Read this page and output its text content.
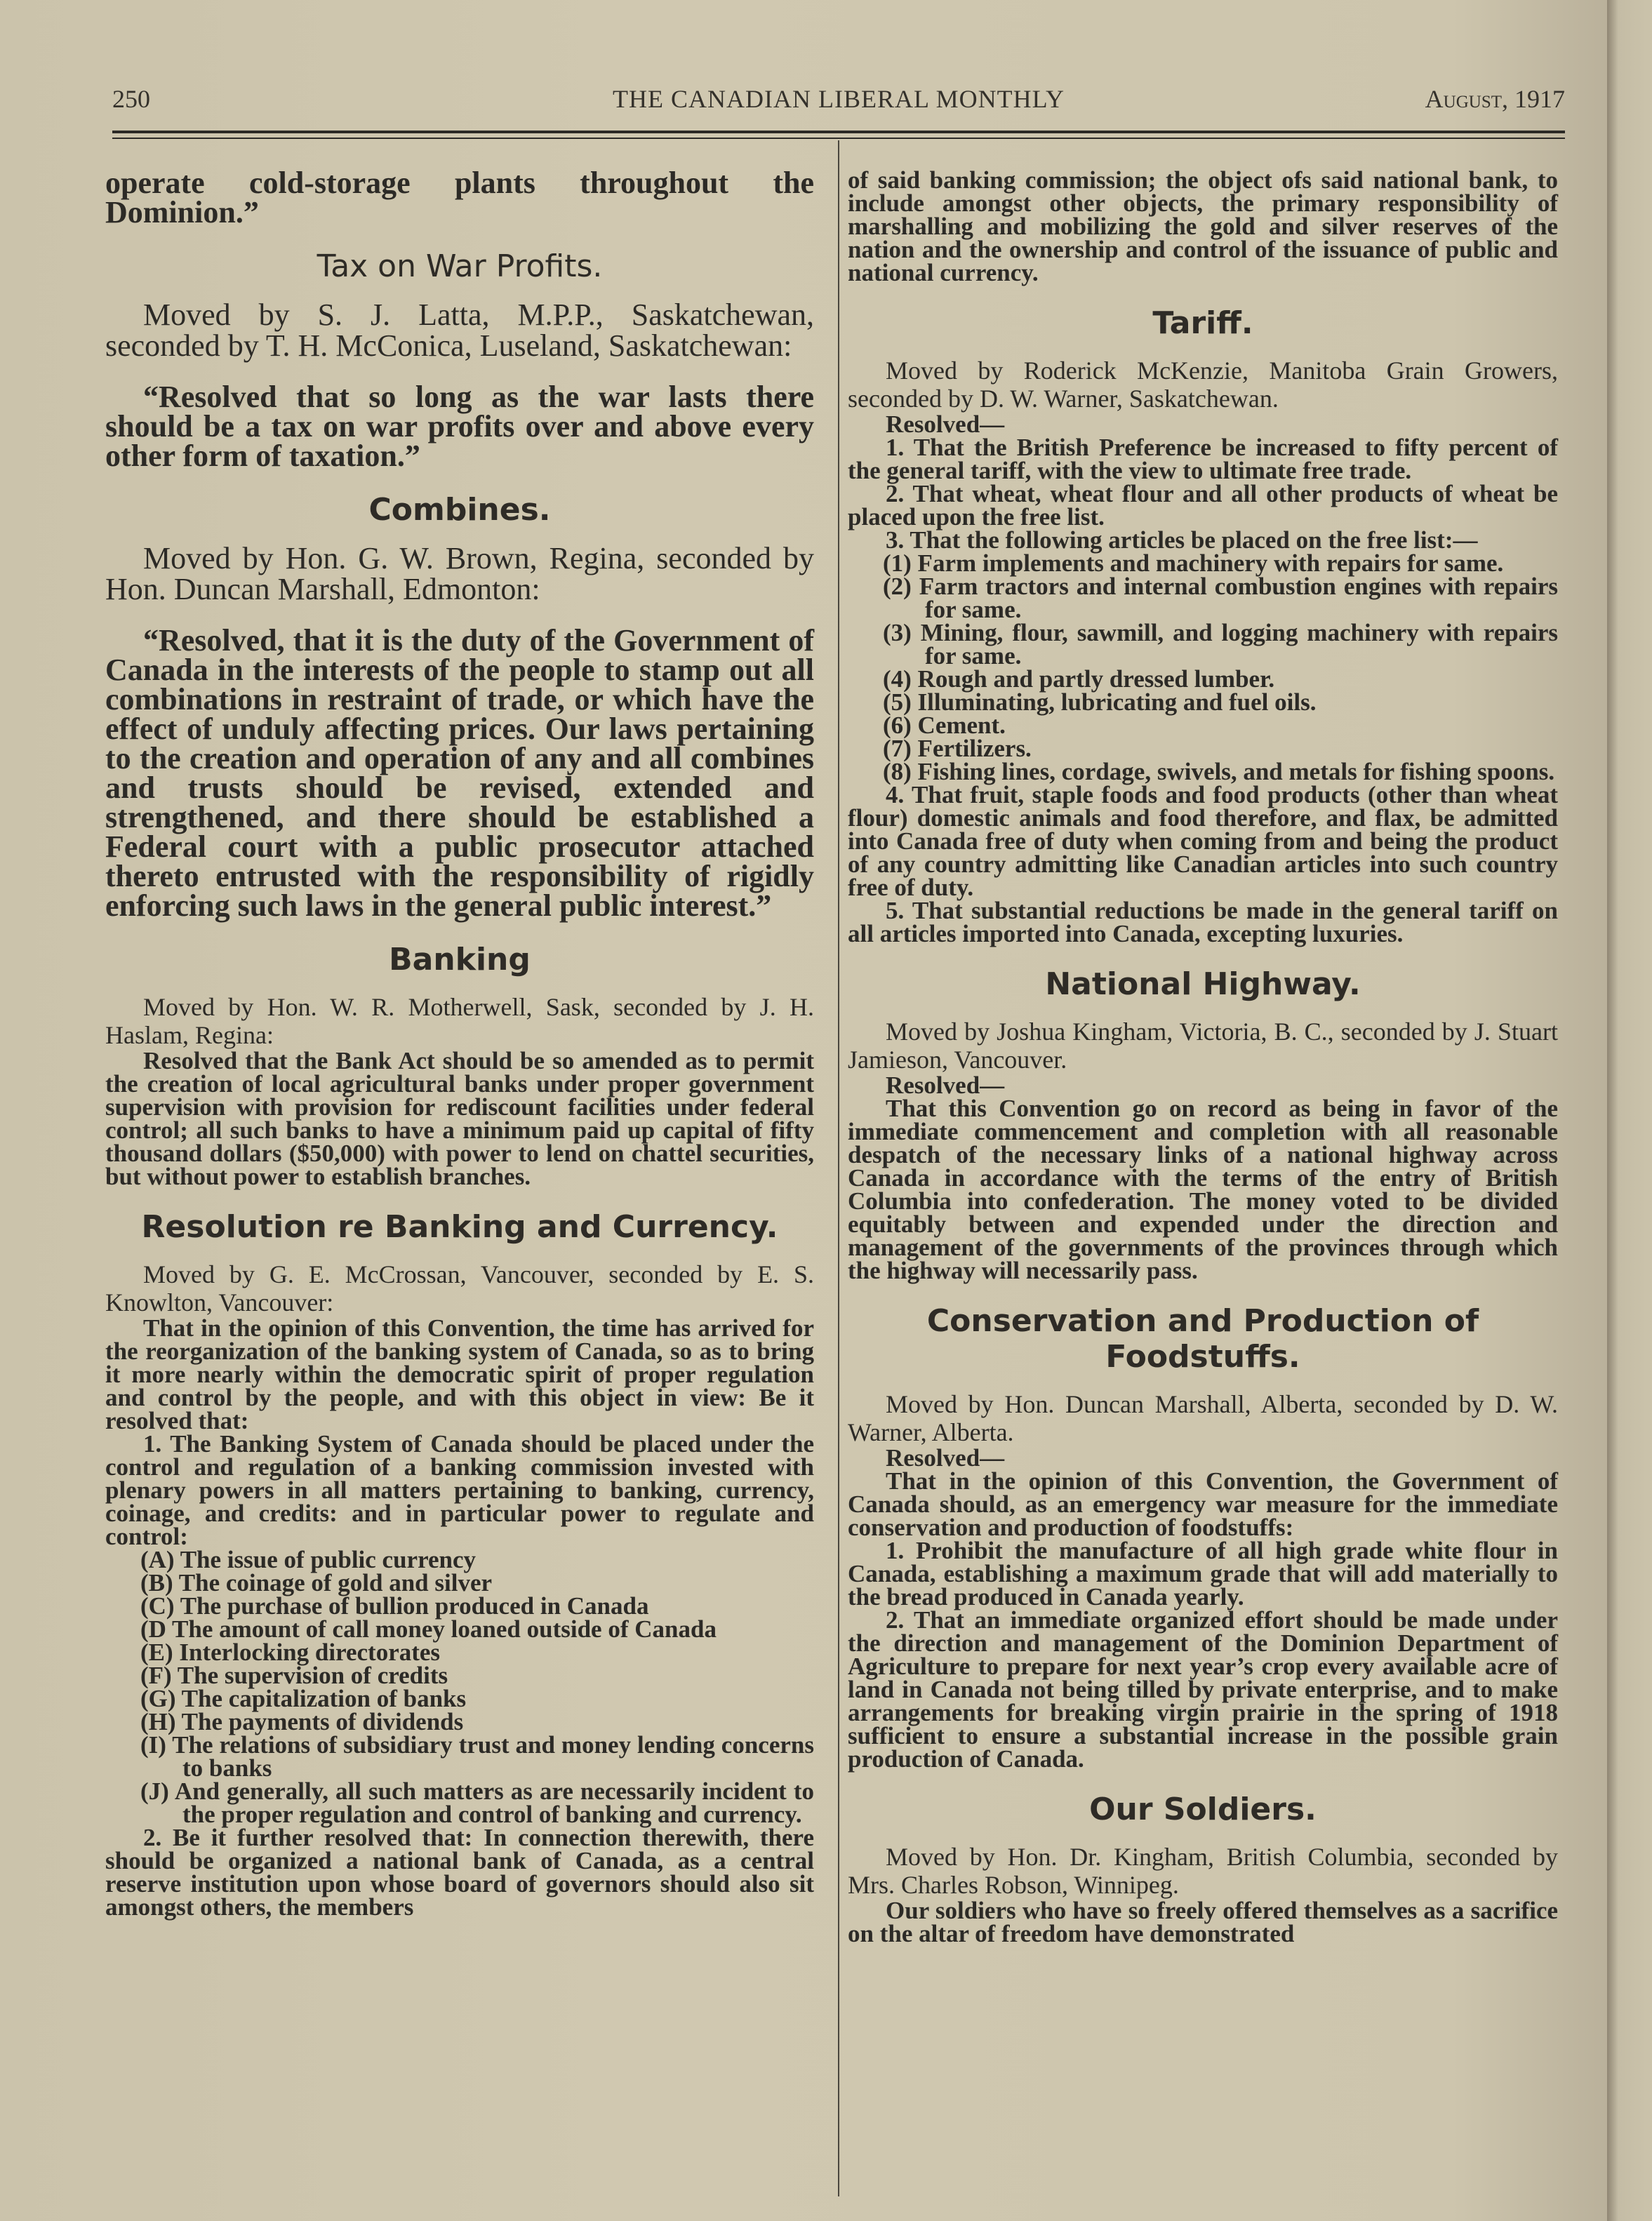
250	THE CANADIAN LIBERAL MONTHLY	August, 1917

operate cold-storage plants throughout the Dominion.”

Tax on War Profits.

Moved by S. J. Latta, M.P.P., Saskatchewan, seconded by T. H. McConica, Luseland, Saskatchewan:

“Resolved that so long as the war lasts there should be a tax on war profits over and above every other form of taxation.”

Combines.

Moved by Hon. G. W. Brown, Regina, seconded by Hon. Duncan Marshall, Edmonton:

“Resolved, that it is the duty of the Government of Canada in the interests of the people to stamp out all combinations in restraint of trade, or which have the effect of unduly affecting prices. Our laws pertaining to the creation and operation of any and all combines and trusts should be revised, extended and strengthened, and there should be established a Federal court with a public prosecutor attached thereto entrusted with the responsibility of rigidly enforcing such laws in the general public interest.”

Banking

Moved by Hon. W. R. Motherwell, Sask, seconded by J. H. Haslam, Regina:

Resolved that the Bank Act should be so amended as to permit the creation of local agricultural banks under proper government supervision with provision for rediscount facilities under federal control; all such banks to have a minimum paid up capital of fifty thousand dollars ($50,000) with power to lend on chattel securities, but without power to establish branches.

Resolution re Banking and Currency.

Moved by G. E. McCrossan, Vancouver, seconded by E. S. Knowlton, Vancouver:

That in the opinion of this Convention, the time has arrived for the reorganization of the banking system of Canada, so as to bring it more nearly within the democratic spirit of proper regulation and control by the people, and with this object in view: Be it resolved that:

1. The Banking System of Canada should be placed under the control and regulation of a banking commission invested with plenary powers in all matters pertaining to banking, currency, coinage, and credits: and in particular power to regulate and control:

(A) The issue of public currency

(B) The coinage of gold and silver

(C) The purchase of bullion produced in Canada

(D The amount of call money loaned outside of Canada

(E) Interlocking directorates

(F) The supervision of credits

(G) The capitalization of banks

(H) The payments of dividends

(I) The relations of subsidiary trust and money lending concerns to banks

(J) And generally, all such matters as are necessarily incident to the proper regulation and control of banking and currency.

2. Be it further resolved that: In connection therewith, there should be organized a national bank of Canada, as a central reserve institution upon whose board of governors should also sit amongst others, the members

of said banking commission; the object ofs said national bank, to include amongst other objects, the primary responsibility of marshalling and mobilizing the gold and silver reserves of the nation and the ownership and control of the issuance of public and national currency.

Tariff.

Moved by Roderick McKenzie, Manitoba Grain Growers, seconded by D. W. Warner, Saskatchewan.

Resolved—

1. That the British Preference be increased to fifty percent of the general tariff, with the view to ultimate free trade.

2. That wheat, wheat flour and all other products of wheat be placed upon the free list.

3. That the following articles be placed on the free list:—

(1) Farm implements and machinery with repairs for same.

(2) Farm tractors and internal combustion engines with repairs for same.

(3) Mining, flour, sawmill, and logging machinery with repairs for same.

(4) Rough and partly dressed lumber.

(5) Illuminating, lubricating and fuel oils.

(6) Cement.

(7) Fertilizers.

(8) Fishing lines, cordage, swivels, and metals for fishing spoons.

4. That fruit, staple foods and food products (other than wheat flour) domestic animals and food therefore, and flax, be admitted into Canada free of duty when coming from and being the product of any country admitting like Canadian articles into such country free of duty.

5. That substantial reductions be made in the general tariff on all articles imported into Canada, excepting luxuries.

National Highway.

Moved by Joshua Kingham, Victoria, B. C., seconded by J. Stuart Jamieson, Vancouver.

Resolved—

That this Convention go on record as being in favor of the immediate commencement and completion with all reasonable despatch of the necessary links of a national highway across Canada in accordance with the terms of the entry of British Columbia into confederation. The money voted to be divided equitably between and expended under the direction and management of the governments of the provinces through which the highway will necessarily pass.

Conservation and Production of Foodstuffs.

Moved by Hon. Duncan Marshall, Alberta, seconded by D. W. Warner, Alberta.

Resolved—

That in the opinion of this Convention, the Government of Canada should, as an emergency war measure for the immediate conservation and production of foodstuffs:

1. Prohibit the manufacture of all high grade white flour in Canada, establishing a maximum grade that will add materially to the bread produced in Canada yearly.

2. That an immediate organized effort should be made under the direction and management of the Dominion Department of Agriculture to prepare for next year’s crop every available acre of land in Canada not being tilled by private enterprise, and to make arrangements for breaking virgin prairie in the spring of 1918 sufficient to ensure a substantial increase in the possible grain production of Canada.

Our Soldiers.

Moved by Hon. Dr. Kingham, British Columbia, seconded by Mrs. Charles Robson, Winnipeg.

Our soldiers who have so freely offered themselves as a sacrifice on the altar of freedom have demonstrated
